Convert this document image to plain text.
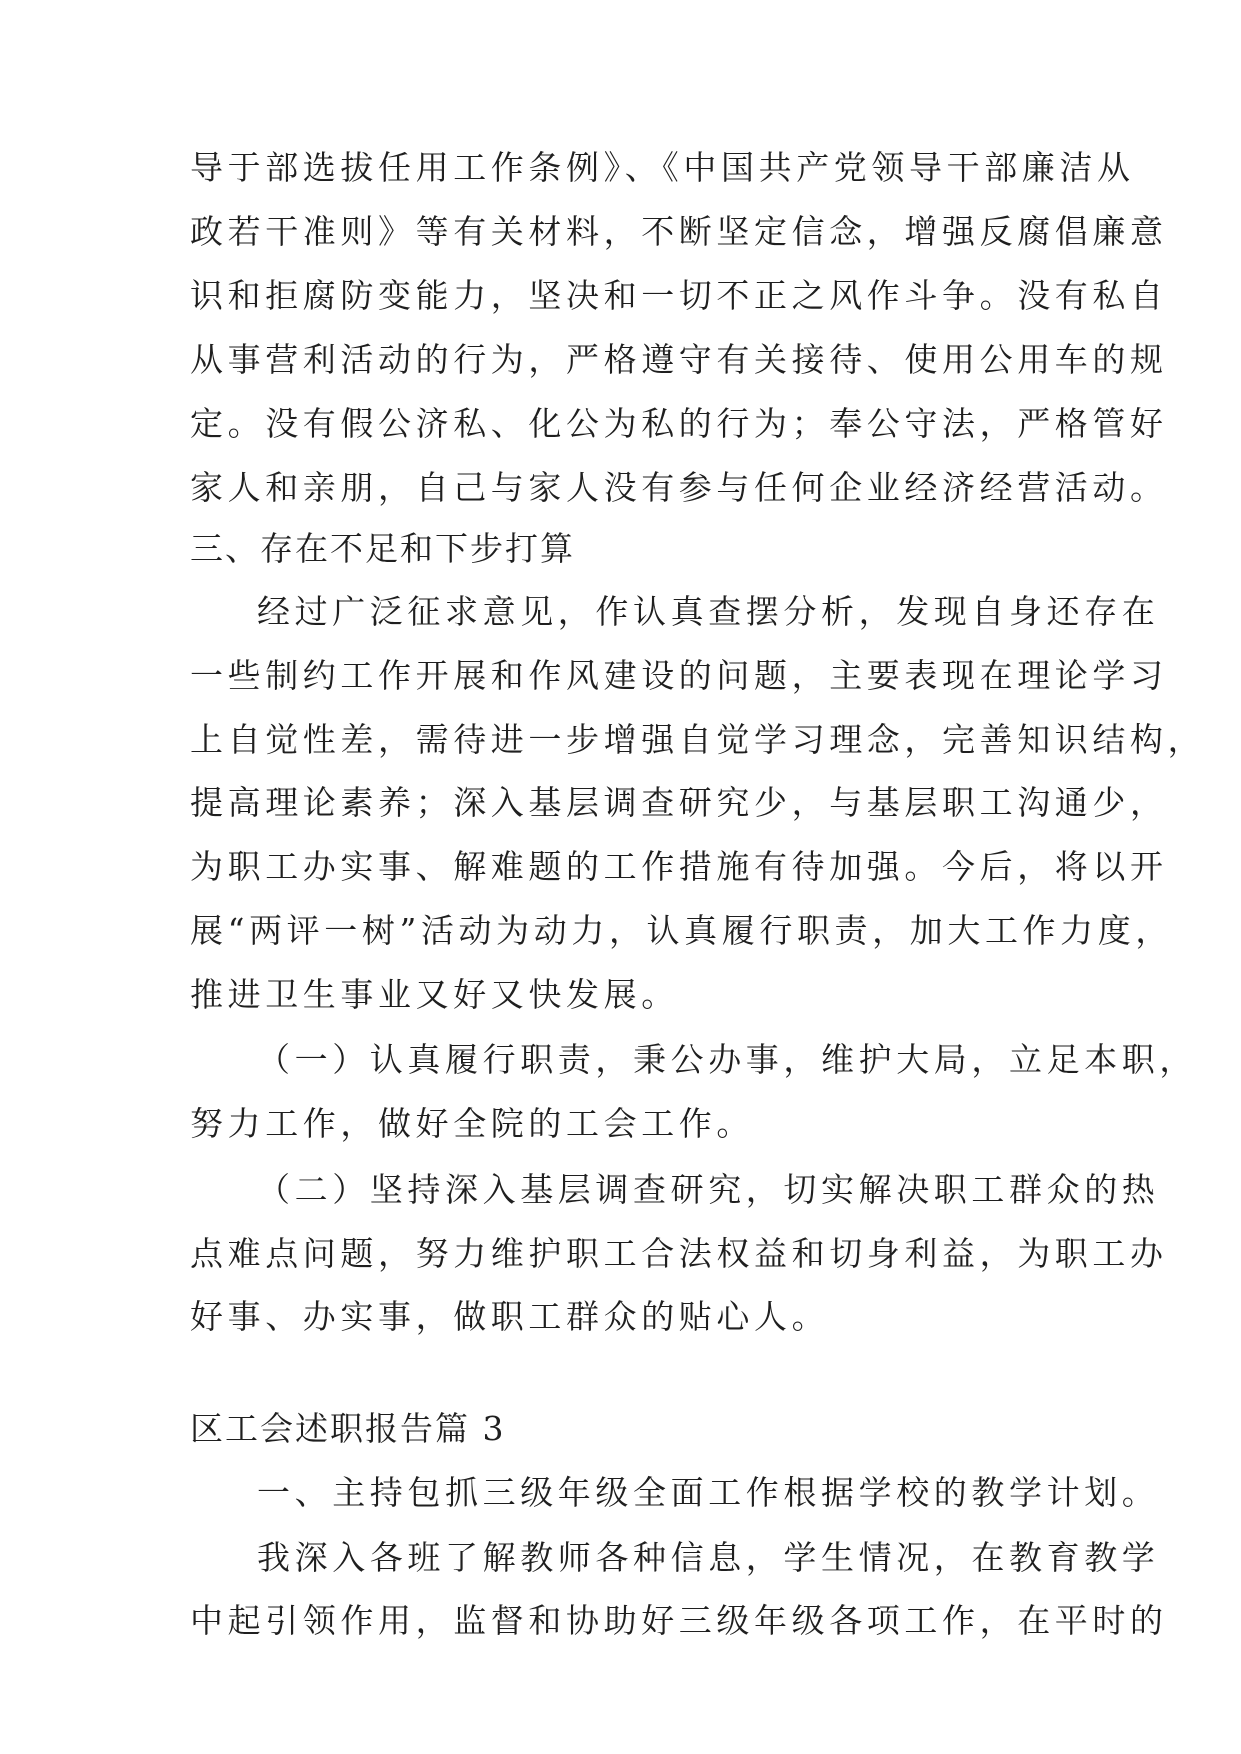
导于部选拔任用工作条例》、《中国共产党领导干部廉洁从
政若干准则》等有关材料，不断坚定信念，增强反腐倡廉意
识和拒腐防变能力，坚决和一切不正之风作斗争。没有私自
从事营利活动的行为，严格遵守有关接待、使用公用车的规
定。没有假公济私、化公为私的行为；奉公守法，严格管好
家人和亲朋，自己与家人没有参与任何企业经济经营活动。
三、存在不足和下步打算
经过广泛征求意见，作认真查摆分析，发现自身还存在
一些制约工作开展和作风建设的问题，主要表现在理论学习
上自觉性差，需待进一步增强自觉学习理念，完善知识结构，
提高理论素养；深入基层调查研究少，与基层职工沟通少，
为职工办实事、解难题的工作措施有待加强。今后，将以开
展“两评一树”活动为动力，认真履行职责，加大工作力度，
推进卫生事业又好又快发展。
（一）认真履行职责，秉公办事，维护大局，立足本职，
努力工作，做好全院的工会工作。
（二）坚持深入基层调查研究，切实解决职工群众的热
点难点问题，努力维护职工合法权益和切身利益，为职工办
好事、办实事，做职工群众的贴心人。
区工会述职报告篇 3
一、主持包抓三级年级全面工作根据学校的教学计划。
我深入各班了解教师各种信息，学生情况，在教育教学
中起引领作用，监督和协助好三级年级各项工作，在平时的
